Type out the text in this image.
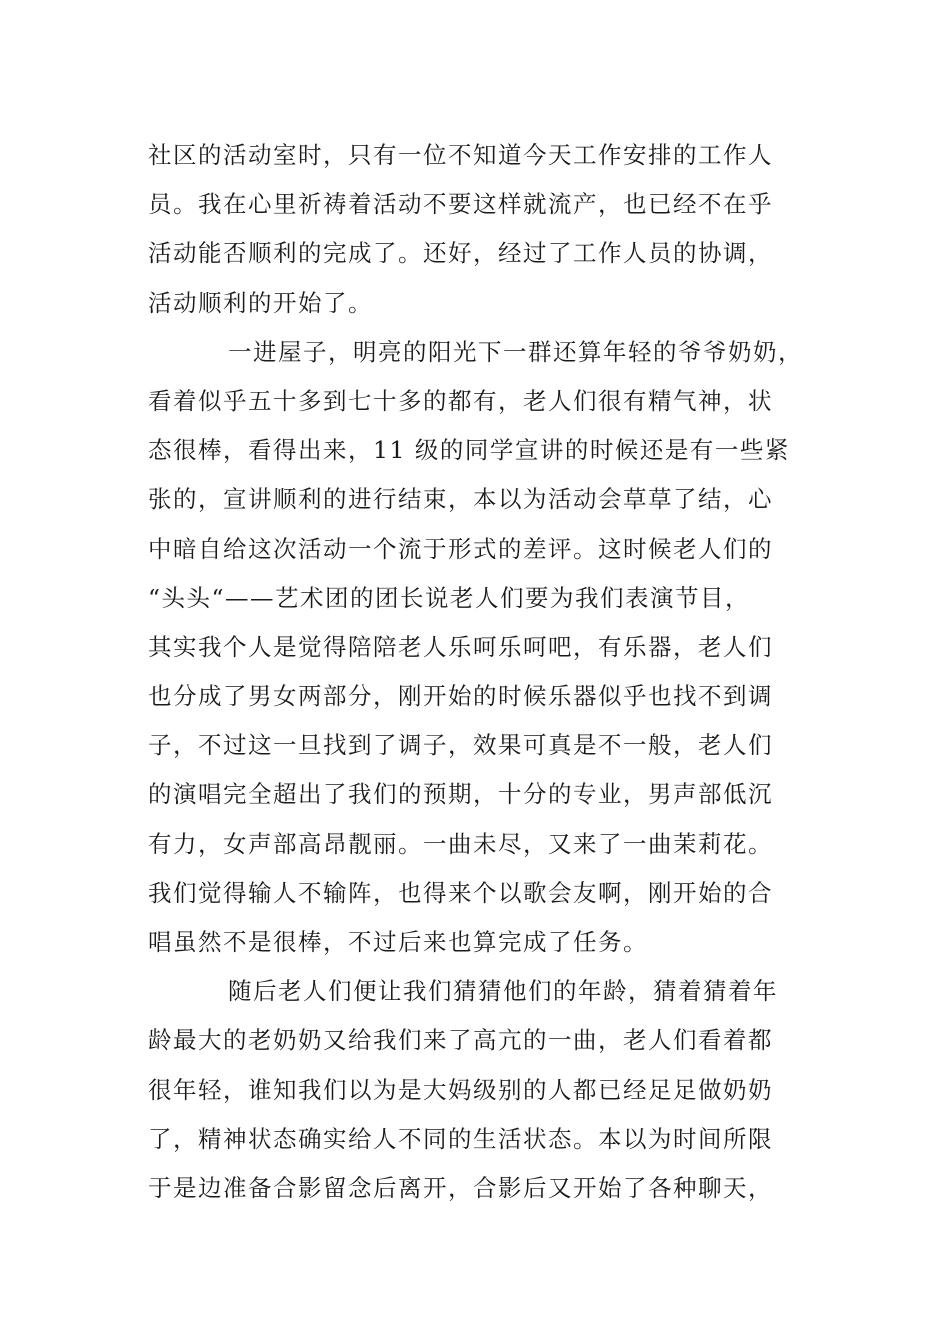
社区的活动室时，只有一位不知道今天工作安排的工作人
员。我在心里祈祷着活动不要这样就流产，也已经不在乎
活动能否顺利的完成了。还好，经过了工作人员的协调，
活动顺利的开始了。
一进屋子，明亮的阳光下一群还算年轻的爷爷奶奶，
看着似乎五十多到七十多的都有，老人们很有精气神，状
态很棒，看得出来，11 级的同学宣讲的时候还是有一些紧
张的，宣讲顺利的进行结束，本以为活动会草草了结，心
中暗自给这次活动一个流于形式的差评。这时候老人们的
“头头“——艺术团的团长说老人们要为我们表演节目，
其实我个人是觉得陪陪老人乐呵乐呵吧，有乐器，老人们
也分成了男女两部分，刚开始的时候乐器似乎也找不到调
子，不过这一旦找到了调子，效果可真是不一般，老人们
的演唱完全超出了我们的预期，十分的专业，男声部低沉
有力，女声部高昂靓丽。一曲未尽，又来了一曲茉莉花。
我们觉得输人不输阵，也得来个以歌会友啊，刚开始的合
唱虽然不是很棒，不过后来也算完成了任务。
随后老人们便让我们猜猜他们的年龄，猜着猜着年
龄最大的老奶奶又给我们来了高亢的一曲，老人们看着都
很年轻，谁知我们以为是大妈级别的人都已经足足做奶奶
了，精神状态确实给人不同的生活状态。本以为时间所限
于是边准备合影留念后离开，合影后又开始了各种聊天，
